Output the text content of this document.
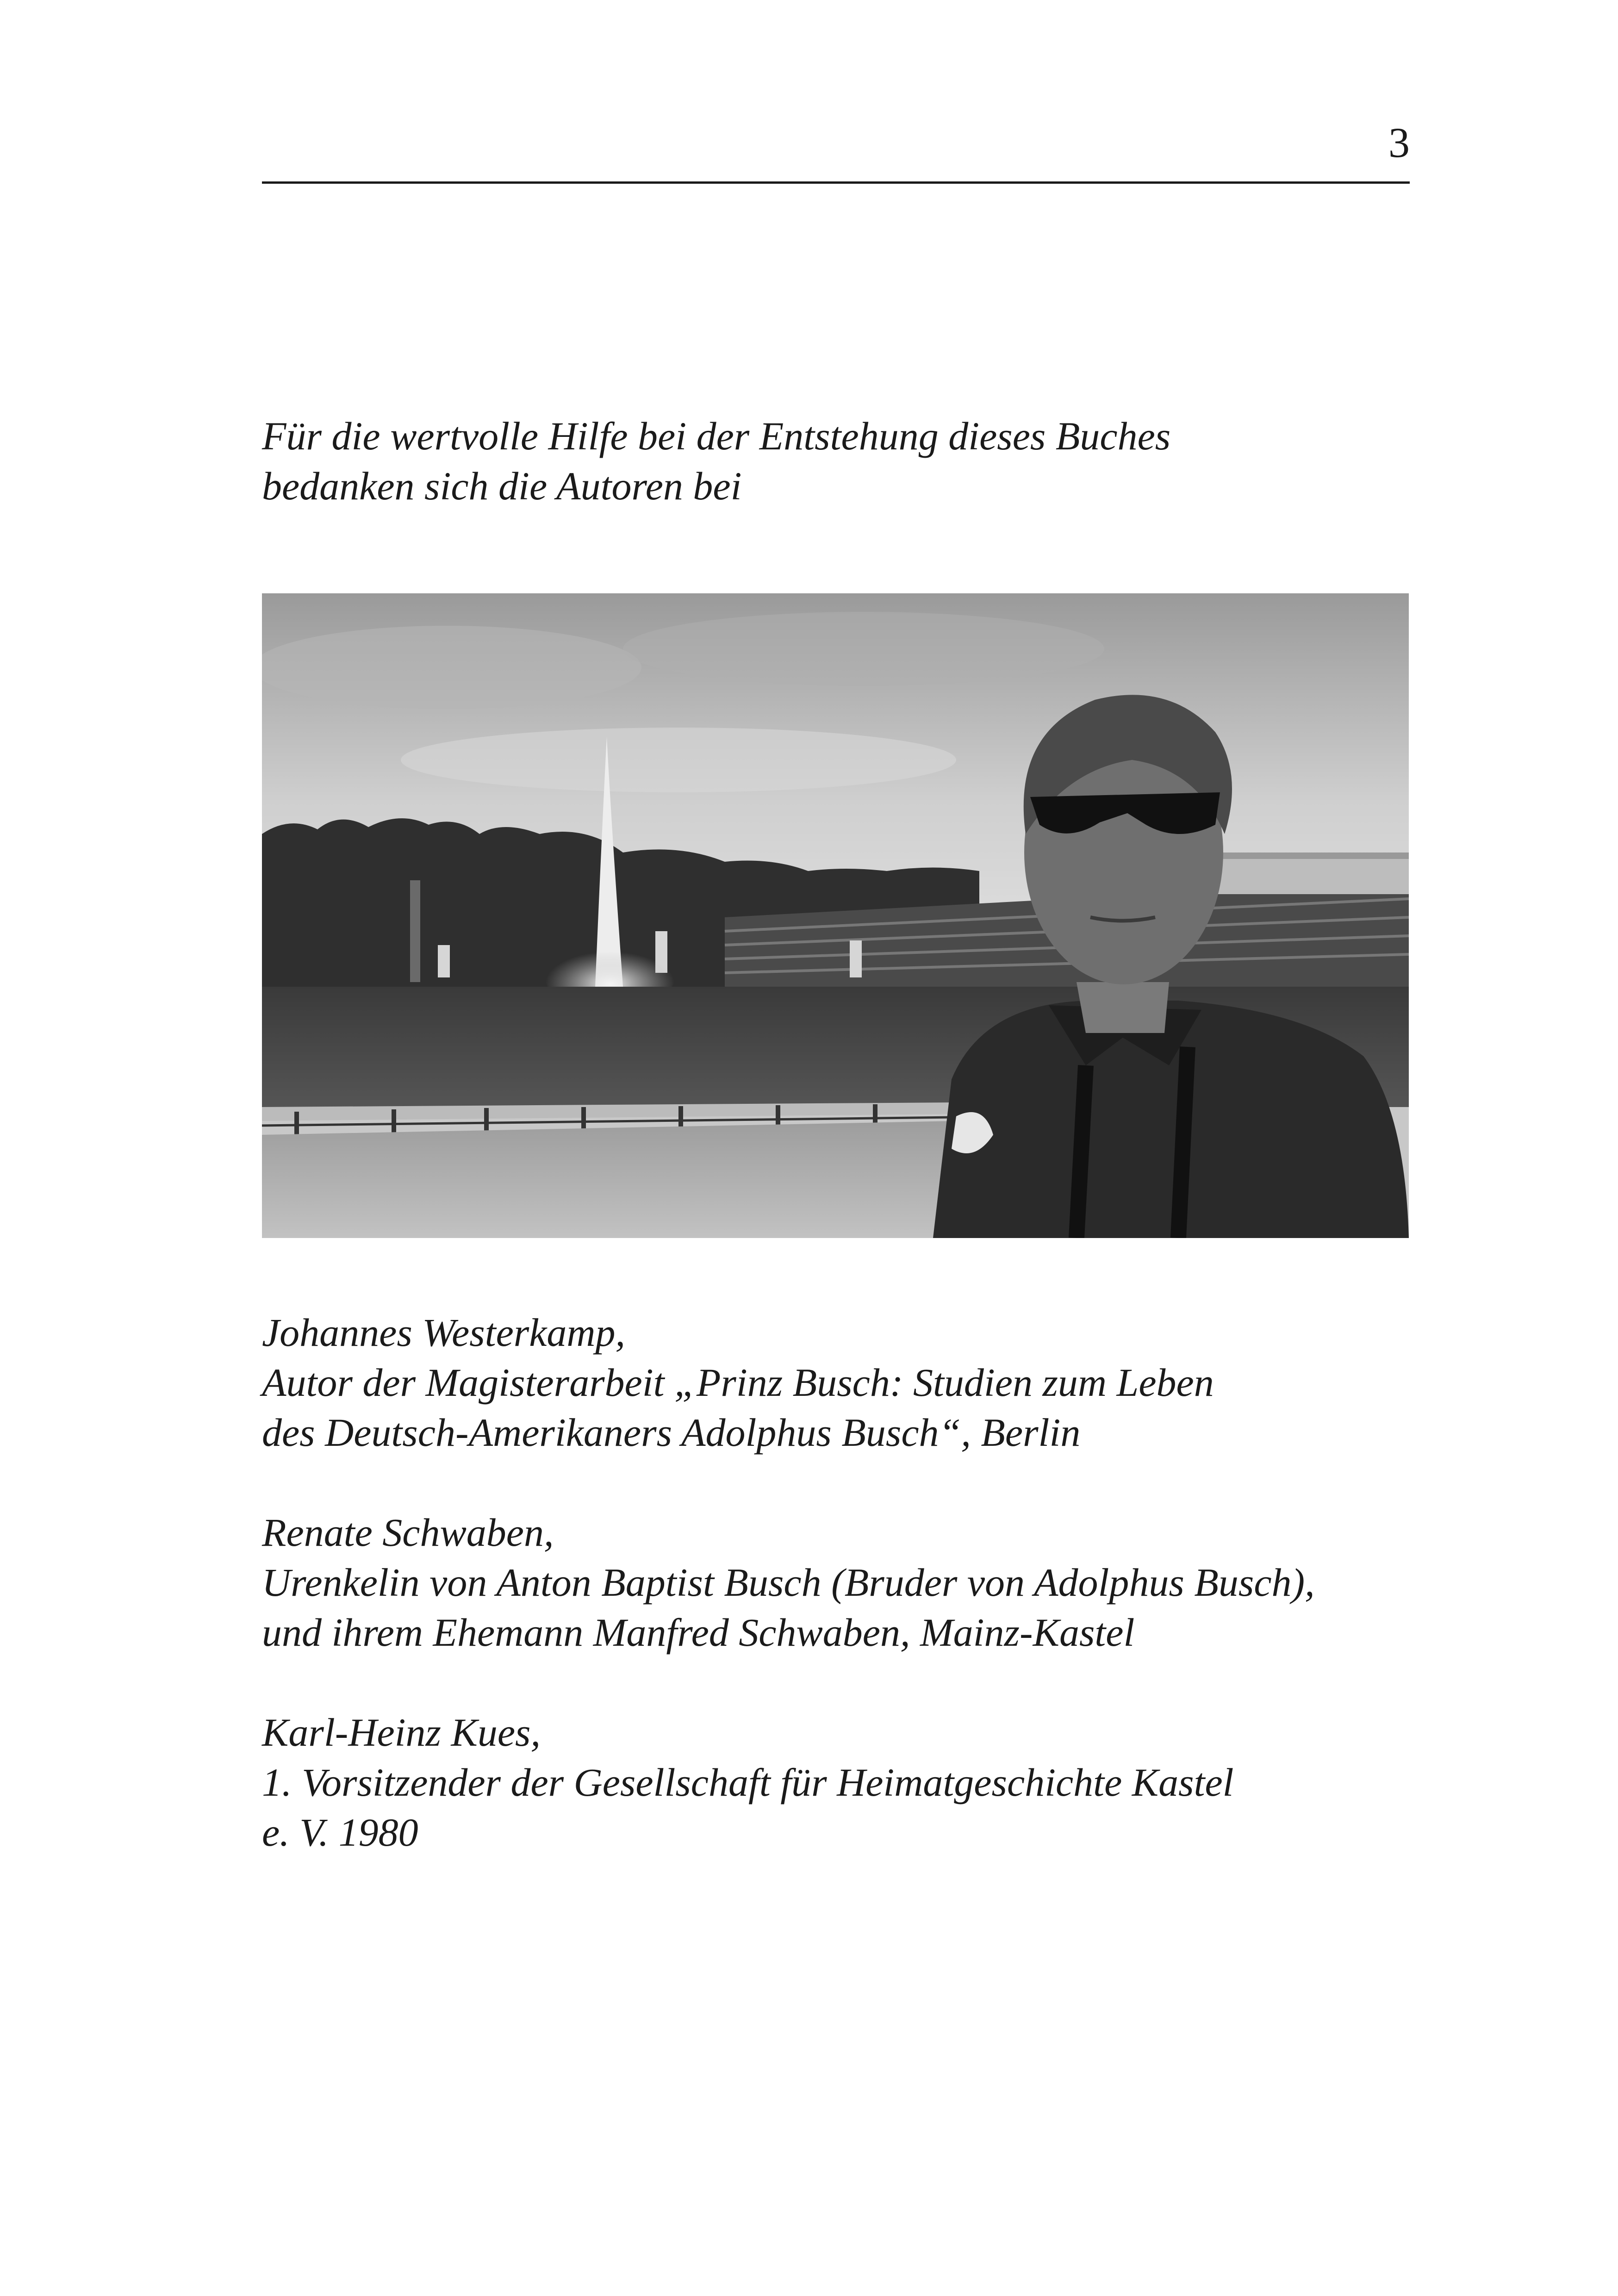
3

Für die wertvolle Hilfe bei der Entstehung dieses Buches

bedanken sich die Autoren bei

Johannes Westerkamp,

Autor der Magisterarbeit „Prinz Busch: Studien zum Leben

des Deutsch-Amerikaners Adolphus Busch“, Berlin

Renate Schwaben,

Urenkelin von Anton Baptist Busch (Bruder von Adolphus Busch),

und ihrem Ehemann Manfred Schwaben, Mainz-Kastel

Karl-Heinz Kues,

1. Vorsitzender der Gesellschaft für Heimatgeschichte Kastel

e. V. 1980
